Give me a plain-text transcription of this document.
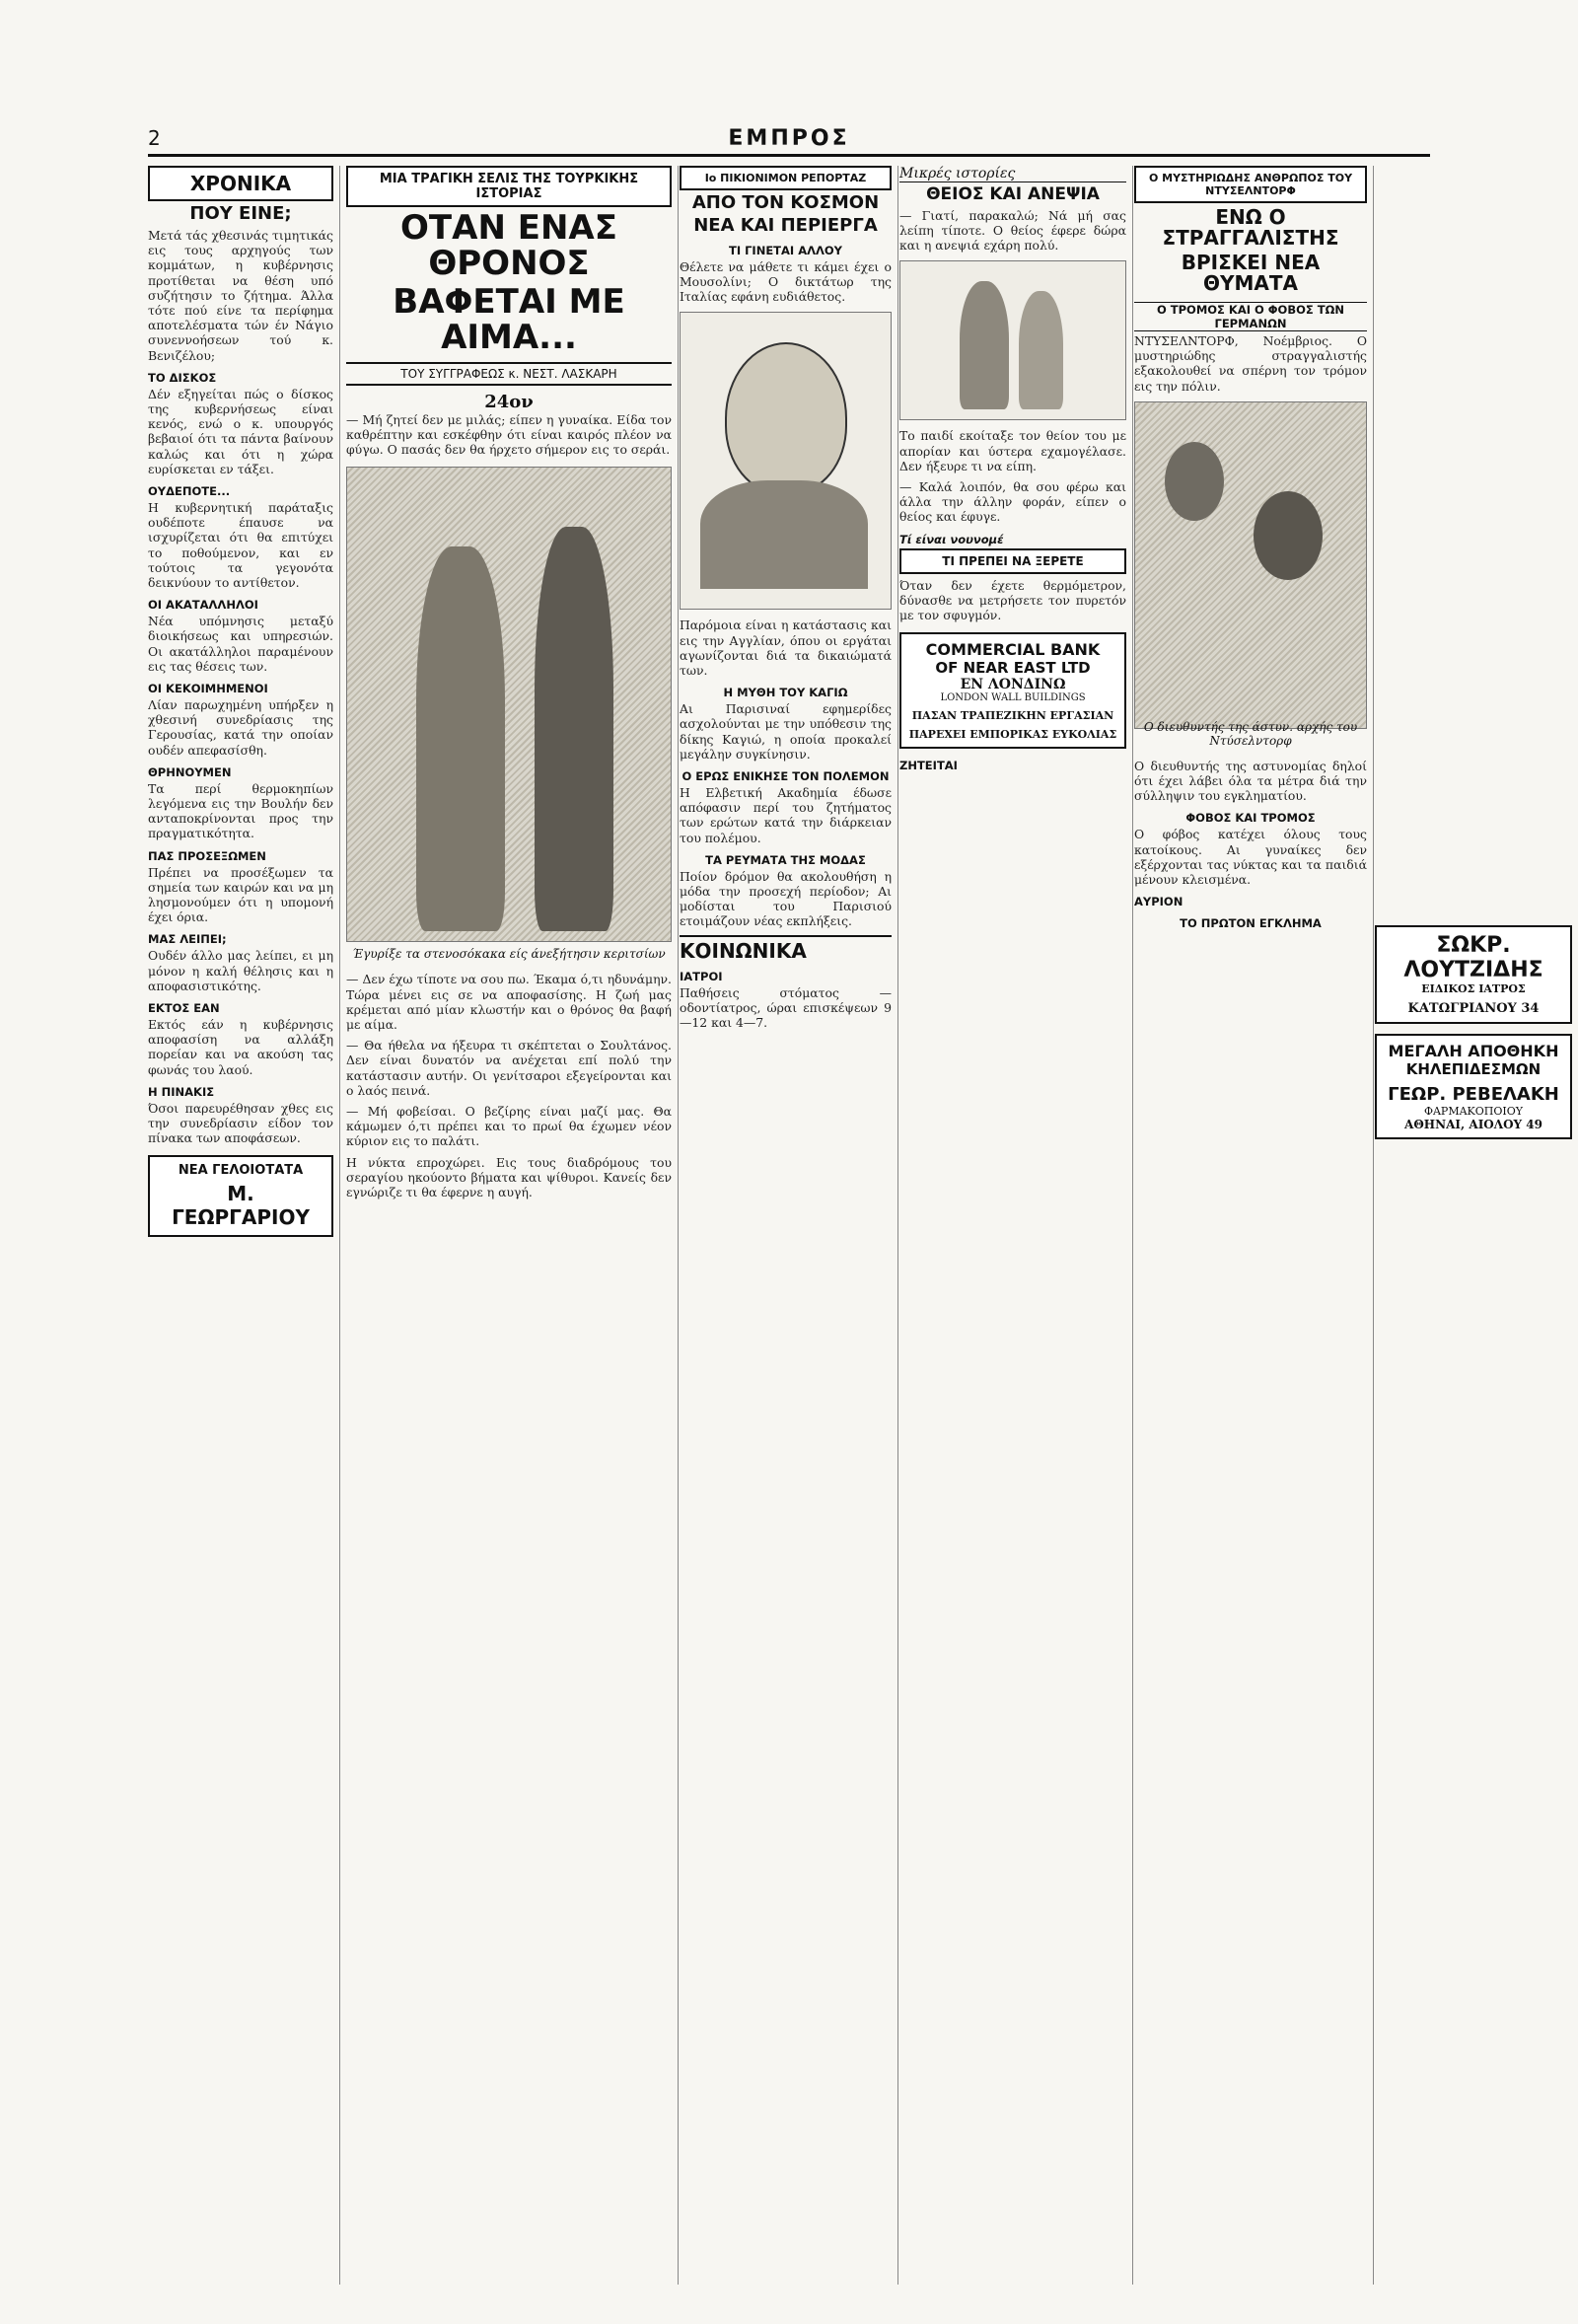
2	ΕΜΠΡΟΣ
ΧΡΟΝΙΚΑ
ΠΟΥ ΕΙΝΕ;

Μετά τάς χθεσινάς τιμητικάς εις τους αρχηγούς των κομμάτων, η κυβέρνησις προτίθεται να θέση υπό συζήτησιν το ζήτημα. Άλλα τότε πού είνε τα περίφημα αποτελέσματα τών έν Νάγιο συνεννοήσεων τού κ. Βενιζέλου;

ΤΟ ΔΙΣΚΟΣ

Δέν εξηγείται πώς ο δίσκος της κυβερνήσεως είναι κενός, ενώ ο κ. υπουργός βεβαιοί ότι τα πάντα βαίνουν καλώς και ότι η χώρα ευρίσκεται εν τάξει.

ΟΥΔΕΠΟΤΕ...

Η κυβερνητική παράταξις ουδέποτε έπαυσε να ισχυρίζεται ότι θα επιτύχει το ποθούμενον, και εν τούτοις τα γεγονότα δεικνύουν το αντίθετον.

ΟΙ ΑΚΑΤΑΛΛΗΛΟΙ

Νέα υπόμνησις μεταξύ διοικήσεως και υπηρεσιών. Οι ακατάλληλοι παραμένουν εις τας θέσεις των.

ΟΙ ΚΕΚΟΙΜΗΜΕΝΟΙ

Λίαν παρωχημένη υπήρξεν η χθεσινή συνεδρίασις της Γερουσίας, κατά την οποίαν ουδέν απεφασίσθη.

ΘΡΗΝΟΥΜΕΝ

Τα περί θερμοκηπίων λεγόμενα εις την Βουλήν δεν ανταποκρίνονται προς την πραγματικότητα.

ΠΑΣ ΠΡΟΣΕΞΩΜΕΝ

Πρέπει να προσέξωμεν τα σημεία των καιρών και να μη λησμονούμεν ότι η υπομονή έχει όρια.

ΜΑΣ ΛΕΙΠΕΙ;

Ουδέν άλλο μας λείπει, ει μη μόνον η καλή θέλησις και η αποφασιστικότης.

ΕΚΤΟΣ ΕΑΝ

Εκτός εάν η κυβέρνησις αποφασίση να αλλάξη πορείαν και να ακούση τας φωνάς του λαού.

Η ΠΙΝΑΚΙΣ

Όσοι παρευρέθησαν χθες εις την συνεδρίασιν είδον τον πίνακα των αποφάσεων.

ΝΕΑ ΓΕΛΟΙΟΤΑΤΑ
Μ. ΓΕΩΡΓΑΡΙΟΥ
ΜΙΑ ΤΡΑΓΙΚΗ ΣΕΛΙΣ ΤΗΣ ΤΟΥΡΚΙΚΗΣ ΙΣΤΟΡΙΑΣ
ΟΤΑΝ ΕΝΑΣ ΘΡΟΝΟΣ
ΒΑΦΕΤΑΙ ΜΕ ΑΙΜΑ...
ΤΟΥ ΣΥΓΓΡΑΦΕΩΣ κ. ΝΕΣΤ. ΛΑΣΚΑΡΗ
24ον

— Μή ζητεί δεν με μιλάς; είπεν η γυναίκα. Είδα τον καθρέπτην και εσκέφθην ότι είναι καιρός πλέον να φύγω. Ο πασάς δεν θα ήρχετο σήμερον εις το σεράι.

Έγυρίξε τα στενοσόκακα είς άνεξήτησιν κεριτσίων

— Δεν έχω τίποτε να σου πω. Έκαμα ό,τι ηδυνάμην. Τώρα μένει εις σε να αποφασίσης. Η ζωή μας κρέμεται από μίαν κλωστήν και ο θρόνος θα βαφή με αίμα.

— Θα ήθελα να ήξευρα τι σκέπτεται ο Σουλτάνος. Δεν είναι δυνατόν να ανέχεται επί πολύ την κατάστασιν αυτήν. Οι γενίτσαροι εξεγείρονται και ο λαός πεινά.

— Μή φοβείσαι. Ο βεζίρης είναι μαζί μας. Θα κάμωμεν ό,τι πρέπει και το πρωί θα έχωμεν νέον κύριον εις το παλάτι.

Η νύκτα επροχώρει. Εις τους διαδρόμους του σεραγίου ηκούοντο βήματα και ψίθυροι. Κανείς δεν εγνώριζε τι θα έφερνε η αυγή.

Ιο ΠΙΚΙΟΝΙΜΟΝ ΡΕΠΟΡΤΑΖ
ΑΠΟ ΤΟΝ ΚΟΣΜΟΝ
ΝΕΑ ΚΑΙ ΠΕΡΙΕΡΓΑ
ΤΙ ΓΙΝΕΤΑΙ ΑΛΛΟΥ

Θέλετε να μάθετε τι κάμει έχει ο Μουσολίνι; Ο δικτάτωρ της Ιταλίας εφάνη ευδιάθετος.

Παρόμοια είναι η κατάστασις και εις την Αγγλίαν, όπου οι εργάται αγωνίζονται διά τα δικαιώματά των.

Η ΜΥΘΗ ΤΟΥ ΚΑΓΙΩ

Αι Παρισιναί εφημερίδες ασχολούνται με την υπόθεσιν της δίκης Καγιώ, η οποία προκαλεί μεγάλην συγκίνησιν.

Ο ΕΡΩΣ ΕΝΙΚΗΣΕ ΤΟΝ ΠΟΛΕΜΟΝ

Η Ελβετική Ακαδημία έδωσε απόφασιν περί του ζητήματος των ερώτων κατά την διάρκειαν του πολέμου.

ΤΑ ΡΕΥΜΑΤΑ ΤΗΣ ΜΟΔΑΣ

Ποίον δρόμον θα ακολουθήση η μόδα την προσεχή περίοδον; Αι μοδίσται του Παρισιού ετοιμάζουν νέας εκπλήξεις.

ΚΟΙΝΩΝΙΚΑ
ΙΑΤΡΟΙ

Παθήσεις στόματος — οδοντίατρος, ώραι επισκέψεων 9—12 και 4—7.

Μικρές ιστορίες
ΘΕΙΟΣ ΚΑΙ ΑΝΕΨΙΑ

— Γιατί, παρακαλώ; Νά μή σας λείπη τίποτε. Ο θείος έφερε δώρα και η ανεψιά εχάρη πολύ.

Το παιδί εκοίταξε τον θείον του με απορίαν και ύστερα εχαμογέλασε. Δεν ήξευρε τι να είπη.

— Καλά λοιπόν, θα σου φέρω και άλλα την άλλην φοράν, είπεν ο θείος και έφυγε.

Τί είναι νουνομέ
ΤΙ ΠΡΕΠΕΙ ΝΑ ΞΕΡΕΤΕ

Όταν δεν έχετε θερμόμετρον, δύνασθε να μετρήσετε τον πυρετόν με τον σφυγμόν.

COMMERCIAL BANK
OF NEAR EAST LTD
ΕΝ ΛΟΝΔΙΝΩ
LONDON WALL BUILDINGS
ΠΑΣΑΝ ΤΡΑΠΕΖΙΚΗΝ ΕΡΓΑΣΙΑΝ
ΠΑΡΕΧΕΙ ΕΜΠΟΡΙΚΑΣ ΕΥΚΟΛΙΑΣ
ΖΗΤΕΙΤΑΙ
Ο ΜΥΣΤΗΡΙΩΔΗΣ ΑΝΘΡΩΠΟΣ ΤΟΥ ΝΤΥΣΕΛΝΤΟΡΦ
ΕΝΩ Ο ΣΤΡΑΓΓΑΛΙΣΤΗΣ
ΒΡΙΣΚΕΙ ΝΕΑ ΘΥΜΑΤΑ
Ο ΤΡΟΜΟΣ ΚΑΙ Ο ΦΟΒΟΣ ΤΩΝ ΓΕΡΜΑΝΩΝ

ΝΤΥΣΕΛΝΤΟΡΦ, Νοέμβριος. Ο μυστηριώδης στραγγαλιστής εξακολουθεί να σπέρνη τον τρόμον εις την πόλιν.

Ο διευθυντής της άστυν. αρχής του Ντύσελντορφ

Ο διευθυντής της αστυνομίας δηλοί ότι έχει λάβει όλα τα μέτρα διά την σύλληψιν του εγκληματίου.

ΦΟΒΟΣ ΚΑΙ ΤΡΟΜΟΣ

Ο φόβος κατέχει όλους τους κατοίκους. Αι γυναίκες δεν εξέρχονται τας νύκτας και τα παιδιά μένουν κλεισμένα.

ΑΥΡΙΟΝ
ΤΟ ΠΡΩΤΟΝ ΕΓΚΛΗΜΑ
ΣΩΚΡ. ΛΟΥΤΖΙΔΗΣ
ΕΙΔΙΚΟΣ ΙΑΤΡΟΣ
ΚΑΤΩΓΡΙΑΝΟΥ 34
ΜΕΓΑΛΗ ΑΠΟΘΗΚΗ
ΚΗΛΕΠΙΔΕΣΜΩΝ
ΓΕΩΡ. ΡΕΒΕΛΑΚΗ
ΦΑΡΜΑΚΟΠΟΙΟΥ
ΑΘΗΝΑΙ, ΑΙΟΛΟΥ 49
